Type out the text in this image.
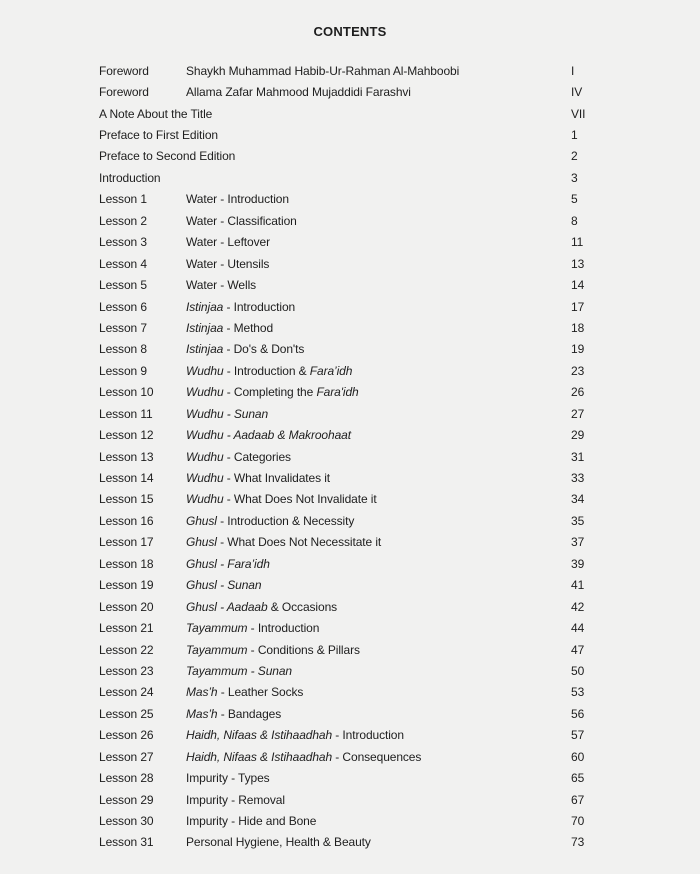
CONTENTS
Foreword	Shaykh Muhammad Habib-Ur-Rahman Al-Mahboobi	I
Foreword	Allama Zafar Mahmood Mujaddidi Farashvi	IV
A Note About the Title	VII
Preface to First Edition	1
Preface to Second Edition	2
Introduction	3
Lesson 1	Water - Introduction	5
Lesson 2	Water - Classification	8
Lesson 3	Water - Leftover	11
Lesson 4	Water - Utensils	13
Lesson 5	Water - Wells	14
Lesson 6	Istinjaa - Introduction	17
Lesson 7	Istinjaa - Method	18
Lesson 8	Istinjaa - Do's & Don'ts	19
Lesson 9	Wudhu - Introduction & Fara’idh	23
Lesson 10	Wudhu - Completing the Fara'idh	26
Lesson 11	Wudhu - Sunan	27
Lesson 12	Wudhu - Aadaab & Makroohaat	29
Lesson 13	Wudhu - Categories	31
Lesson 14	Wudhu - What Invalidates it	33
Lesson 15	Wudhu - What Does Not Invalidate it	34
Lesson 16	Ghusl - Introduction & Necessity	35
Lesson 17	Ghusl - What Does Not Necessitate it	37
Lesson 18	Ghusl - Fara’idh	39
Lesson 19	Ghusl - Sunan	41
Lesson 20	Ghusl - Aadaab & Occasions	42
Lesson 21	Tayammum - Introduction	44
Lesson 22	Tayammum - Conditions & Pillars	47
Lesson 23	Tayammum - Sunan	50
Lesson 24	Mas’h - Leather Socks	53
Lesson 25	Mas’h - Bandages	56
Lesson 26	Haidh, Nifaas & Istihaadhah - Introduction	57
Lesson 27	Haidh, Nifaas & Istihaadhah - Consequences	60
Lesson 28	Impurity - Types	65
Lesson 29	Impurity - Removal	67
Lesson 30	Impurity - Hide and Bone	70
Lesson 31	Personal Hygiene, Health & Beauty	73
